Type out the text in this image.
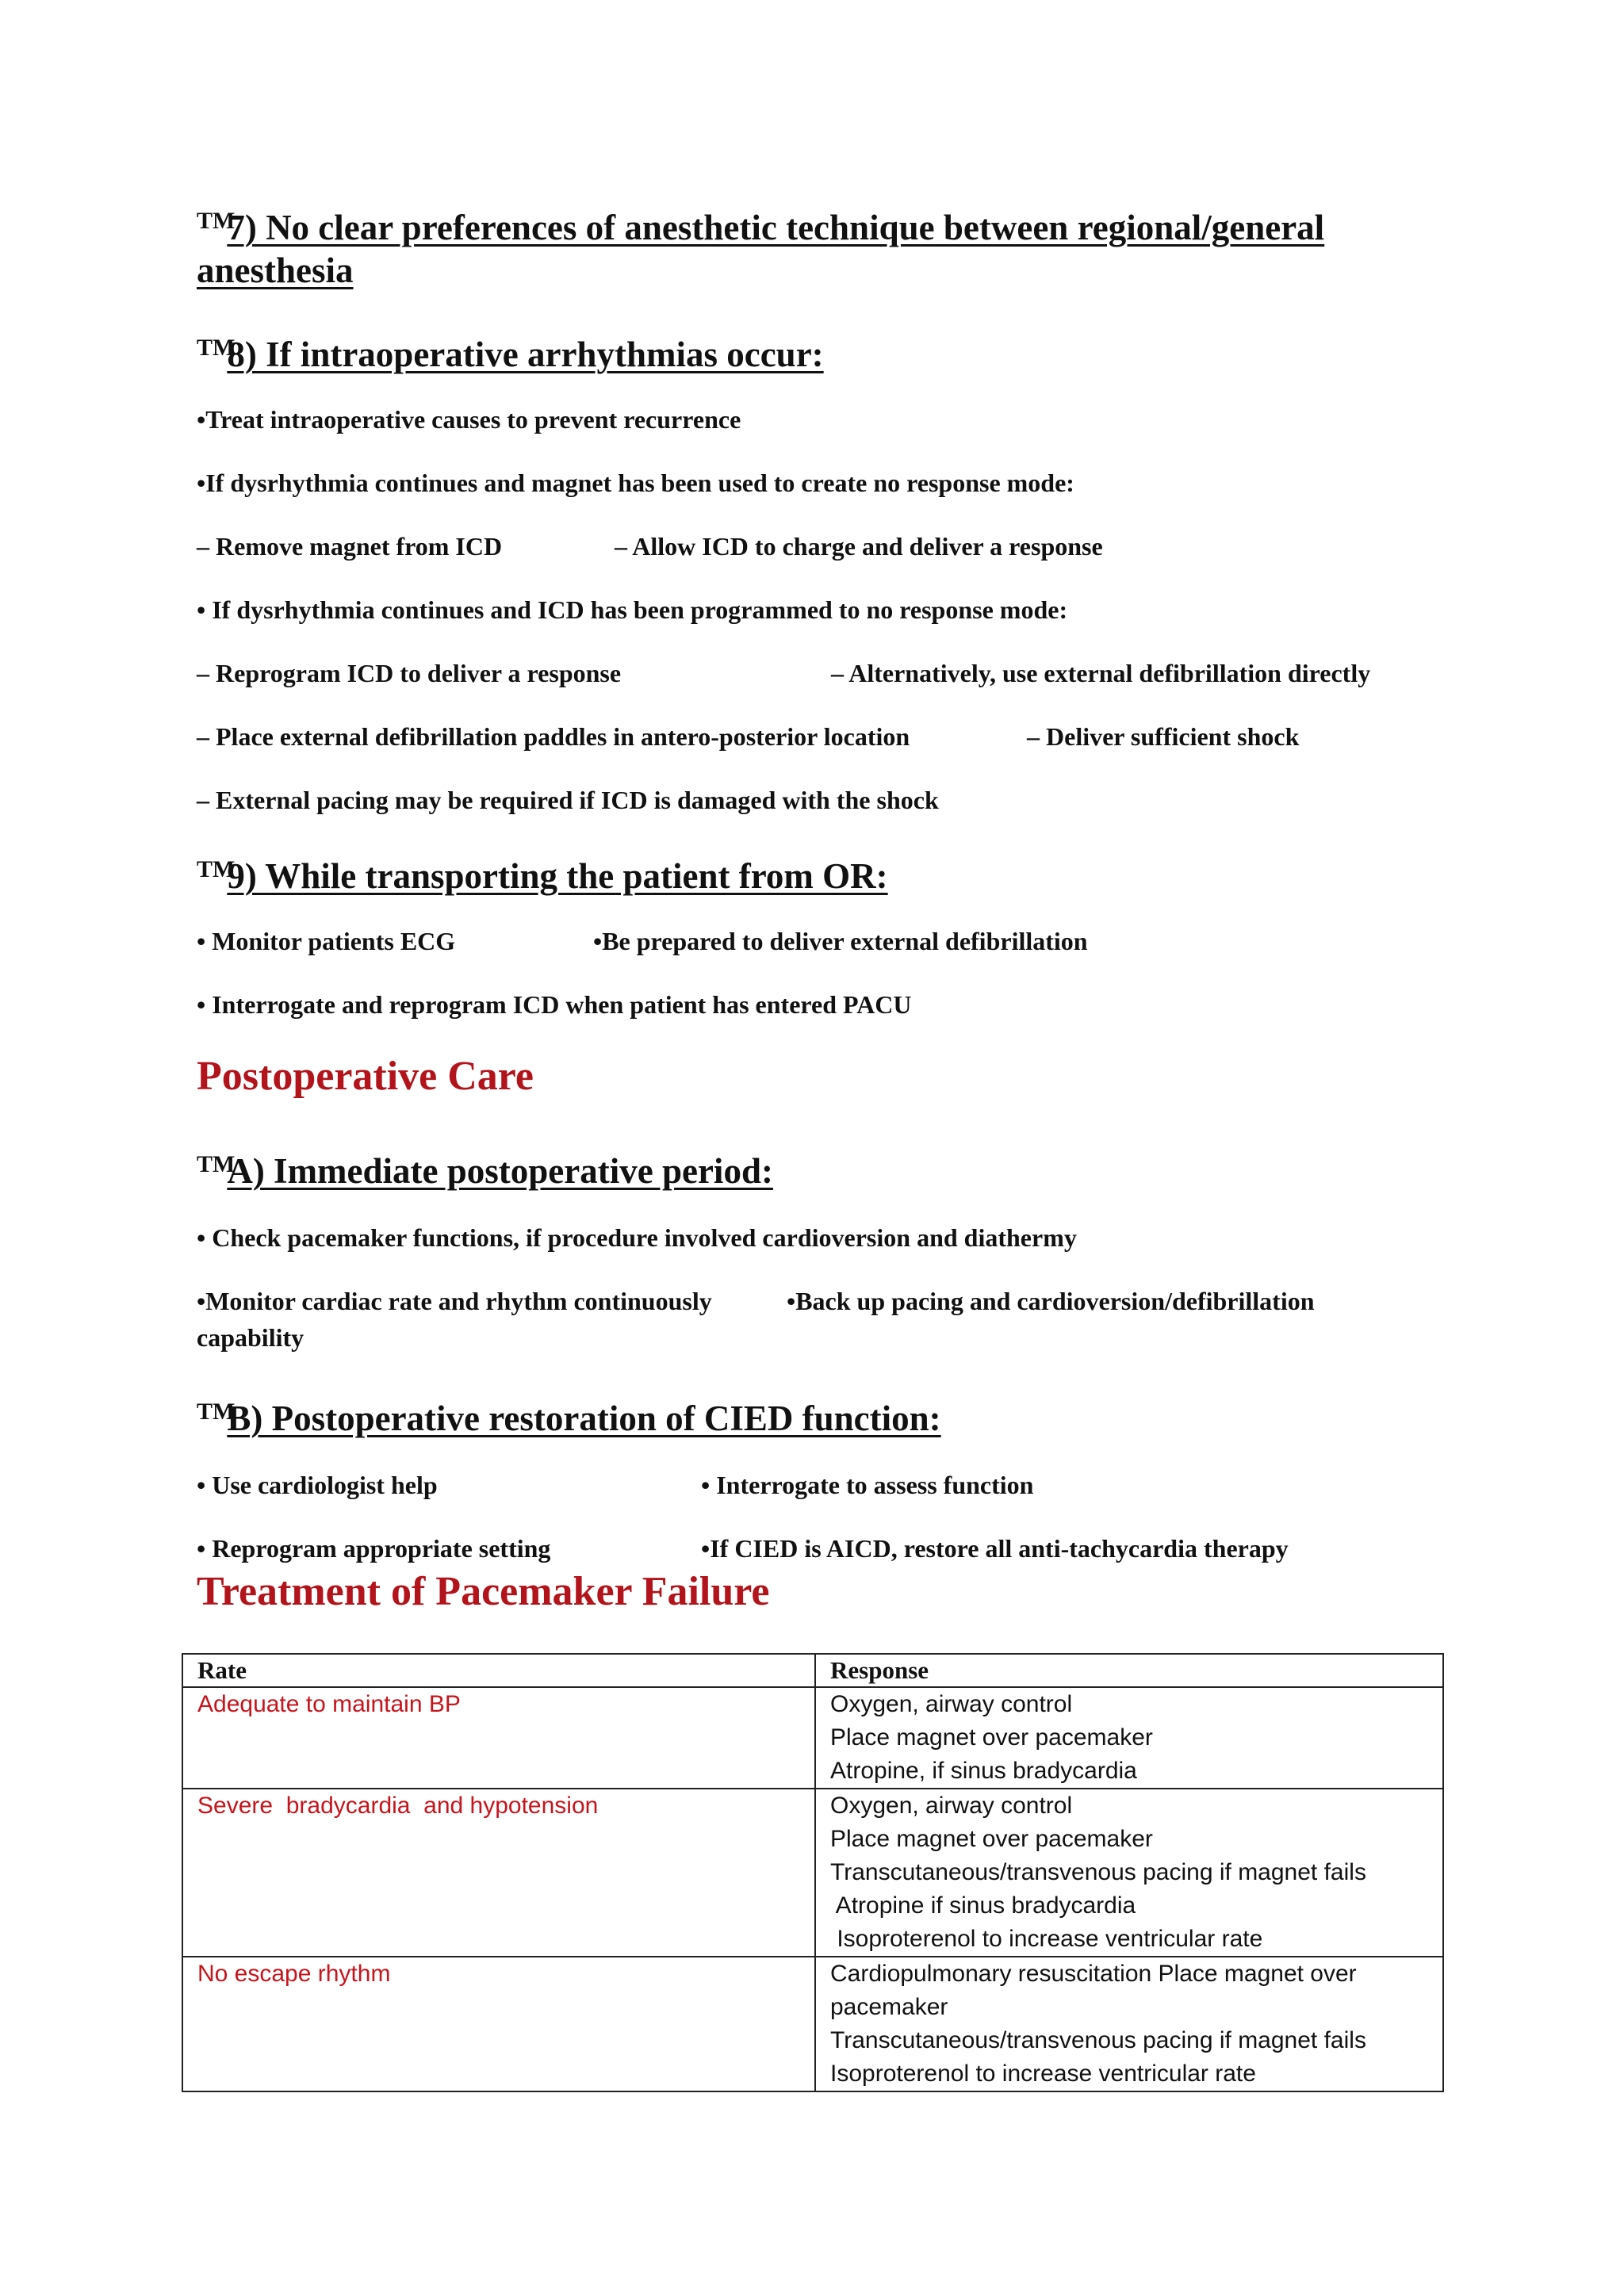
TM7) No clear preferences of anesthetic technique between regional/general
anesthesia
TM8) If intraoperative arrhythmias occur:
•Treat intraoperative causes to prevent recurrence
•If dysrhythmia continues and magnet has been used to create no response mode:
– Remove magnet from ICD	– Allow ICD to charge and deliver a response
• If dysrhythmia continues and ICD has been programmed to no response mode:
– Reprogram ICD to deliver a response	– Alternatively, use external defibrillation directly
– Place external defibrillation paddles in antero-posterior location	– Deliver sufficient shock
– External pacing may be required if ICD is damaged with the shock
TM9) While transporting the patient from OR:
• Monitor patients ECG	•Be prepared to deliver external defibrillation
• Interrogate and reprogram ICD when patient has entered PACU
Postoperative Care
TMA) Immediate postoperative period:
• Check pacemaker functions, if procedure involved cardioversion and diathermy
•Monitor cardiac rate and rhythm continuously	•Back up pacing and cardioversion/defibrillation
capability
TMB) Postoperative restoration of CIED function:
• Use cardiologist help	• Interrogate to assess function
• Reprogram appropriate setting	•If CIED is AICD, restore all anti-tachycardia therapy
Treatment of Pacemaker Failure
Rate	Response
Adequate to maintain BP	Oxygen, airway control
Place magnet over pacemaker
Atropine, if sinus bradycardia

Severe  bradycardia  and hypotension	Oxygen, airway control
Place magnet over pacemaker
Transcutaneous/transvenous pacing if magnet fails
Atropine if sinus bradycardia
Isoproterenol to increase ventricular rate

No escape rhythm	Cardiopulmonary resuscitation Place magnet over
pacemaker
Transcutaneous/transvenous pacing if magnet fails
Isoproterenol to increase ventricular rate
